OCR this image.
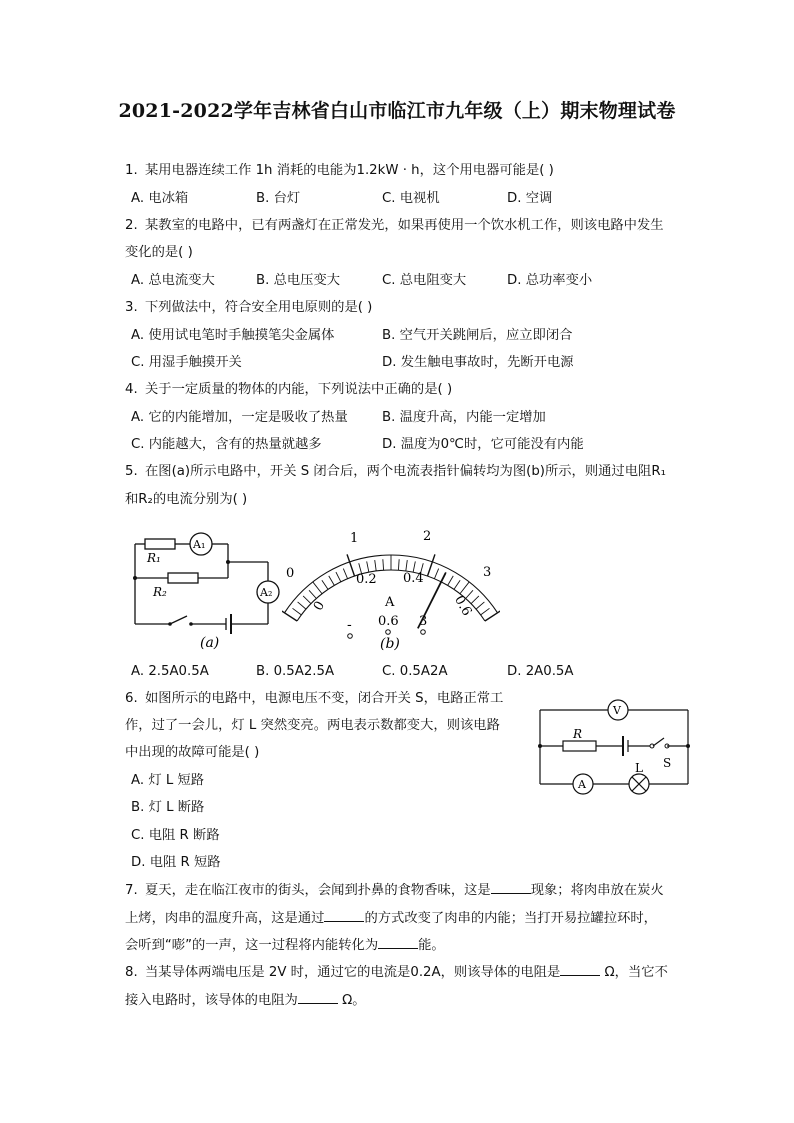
2021-2022学年吉林省白山市临江市九年级（上）期末物理试卷
1. 某用电器连续工作 1h 消耗的电能为1.2kW · h，这个用电器可能是( )
A. 电冰箱	B. 台灯	C. 电视机	D. 空调
2. 某教室的电路中，已有两盏灯在正常发光，如果再使用一个饮水机工作，则该电路中发生
变化的是( )
A. 总电流变大	B. 总电压变大	C. 总电阻变大	D. 总功率变小
3. 下列做法中，符合安全用电原则的是( )
A. 使用试电笔时手触摸笔尖金属体	B. 空气开关跳闸后，应立即闭合
C. 用湿手触摸开关	D. 发生触电事故时，先断开电源
4. 关于一定质量的物体的内能，下列说法中正确的是( )
A. 它的内能增加，一定是吸收了热量	B. 温度升高，内能一定增加
C. 内能越大，含有的热量就越多	D. 温度为0℃时，它可能没有内能
5. 在图(a)所示电路中，开关 S 闭合后，两个电流表指针偏转均为图(b)所示，则通过电阻R₁
和R₂的电流分别为( )
R₁
R₂
A₁
A₂
(a)
0
1	2
3
0
0.2 0.4
0.6
A
- 0.6 3
(b)
A. 2.5A0.5A	B. 0.5A2.5A	C. 0.5A2A	D. 2A0.5A
6. 如图所示的电路中，电源电压不变，闭合开关 S，电路正常工
作，过了一会儿，灯 L 突然变亮。两电表示数都变大，则该电路
中出现的故障可能是( )
A. 灯 L 短路
B. 灯 L 断路
C. 电阻 R 断路
D. 电阻 R 短路
V
R
A
L S
7. 夏天，走在临江夜市的街头，会闻到扑鼻的食物香味，这是	现象；将肉串放在炭火
上烤，肉串的温度升高，这是通过	的方式改变了肉串的内能；当打开易拉罐拉环时，
会听到“嘭”的一声，这一过程将内能转化为	能。
8. 当某导体两端电压是 2V 时，通过它的电流是0.2A，则该导体的电阻是	Ω，当它不
接入电路时，该导体的电阻为	Ω。
